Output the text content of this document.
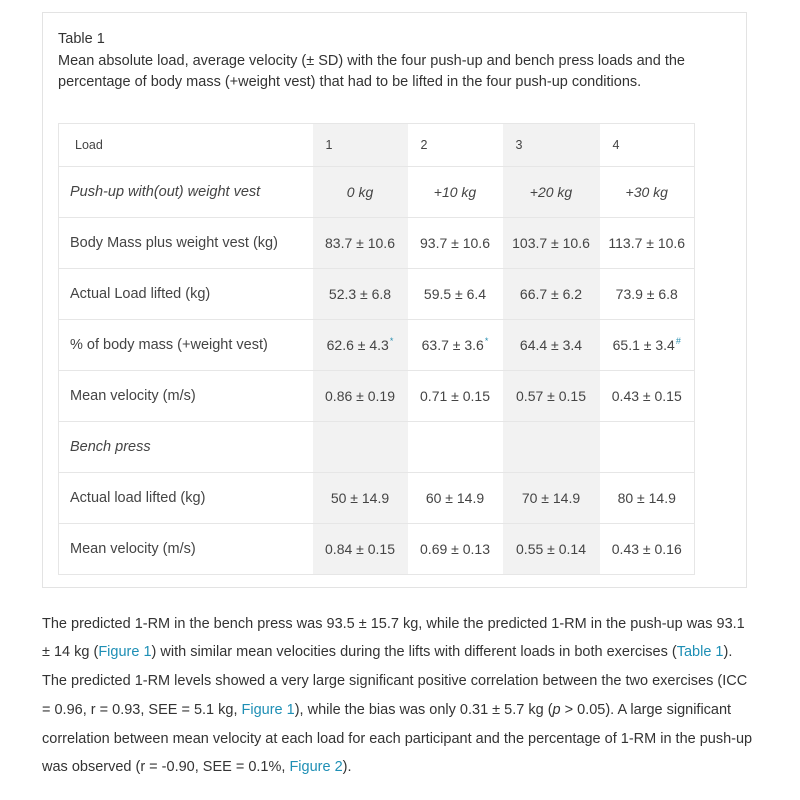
Table 1
Mean absolute load, average velocity (± SD) with the four push-up and bench press loads and the percentage of body mass (+weight vest) that had to be lifted in the four push-up conditions.
Load	1	2	3	4
Push-up with(out) weight vest	0 kg	+10 kg	+20 kg	+30 kg
Body Mass plus weight vest (kg)	83.7 ± 10.6	93.7 ± 10.6	103.7 ± 10.6	113.7 ± 10.6
Actual Load lifted (kg)	52.3 ± 6.8	59.5 ± 6.4	66.7 ± 6.2	73.9 ± 6.8
% of body mass (+weight vest)	62.6 ± 4.3*	63.7 ± 3.6*	64.4 ± 3.4	65.1 ± 3.4#
Mean velocity (m/s)	0.86 ± 0.19	0.71 ± 0.15	0.57 ± 0.15	0.43 ± 0.15
Bench press				
Actual load lifted (kg)	50 ± 14.9	60 ± 14.9	70 ± 14.9	80 ± 14.9
Mean velocity (m/s)	0.84 ± 0.15	0.69 ± 0.13	0.55 ± 0.14	0.43 ± 0.16

The predicted 1-RM in the bench press was 93.5 ± 15.7 kg, while the predicted 1-RM in the push-up was 93.1 ± 14 kg (Figure 1) with similar mean velocities during the lifts with different loads in both exercises (Table 1). The predicted 1-RM levels showed a very large significant positive correlation between the two exercises (ICC = 0.96, r = 0.93, SEE = 5.1 kg, Figure 1), while the bias was only 0.31 ± 5.7 kg (p > 0.05). A large significant correlation between mean velocity at each load for each participant and the percentage of 1-RM in the push-up was observed (r = -0.90, SEE = 0.1%, Figure 2).
